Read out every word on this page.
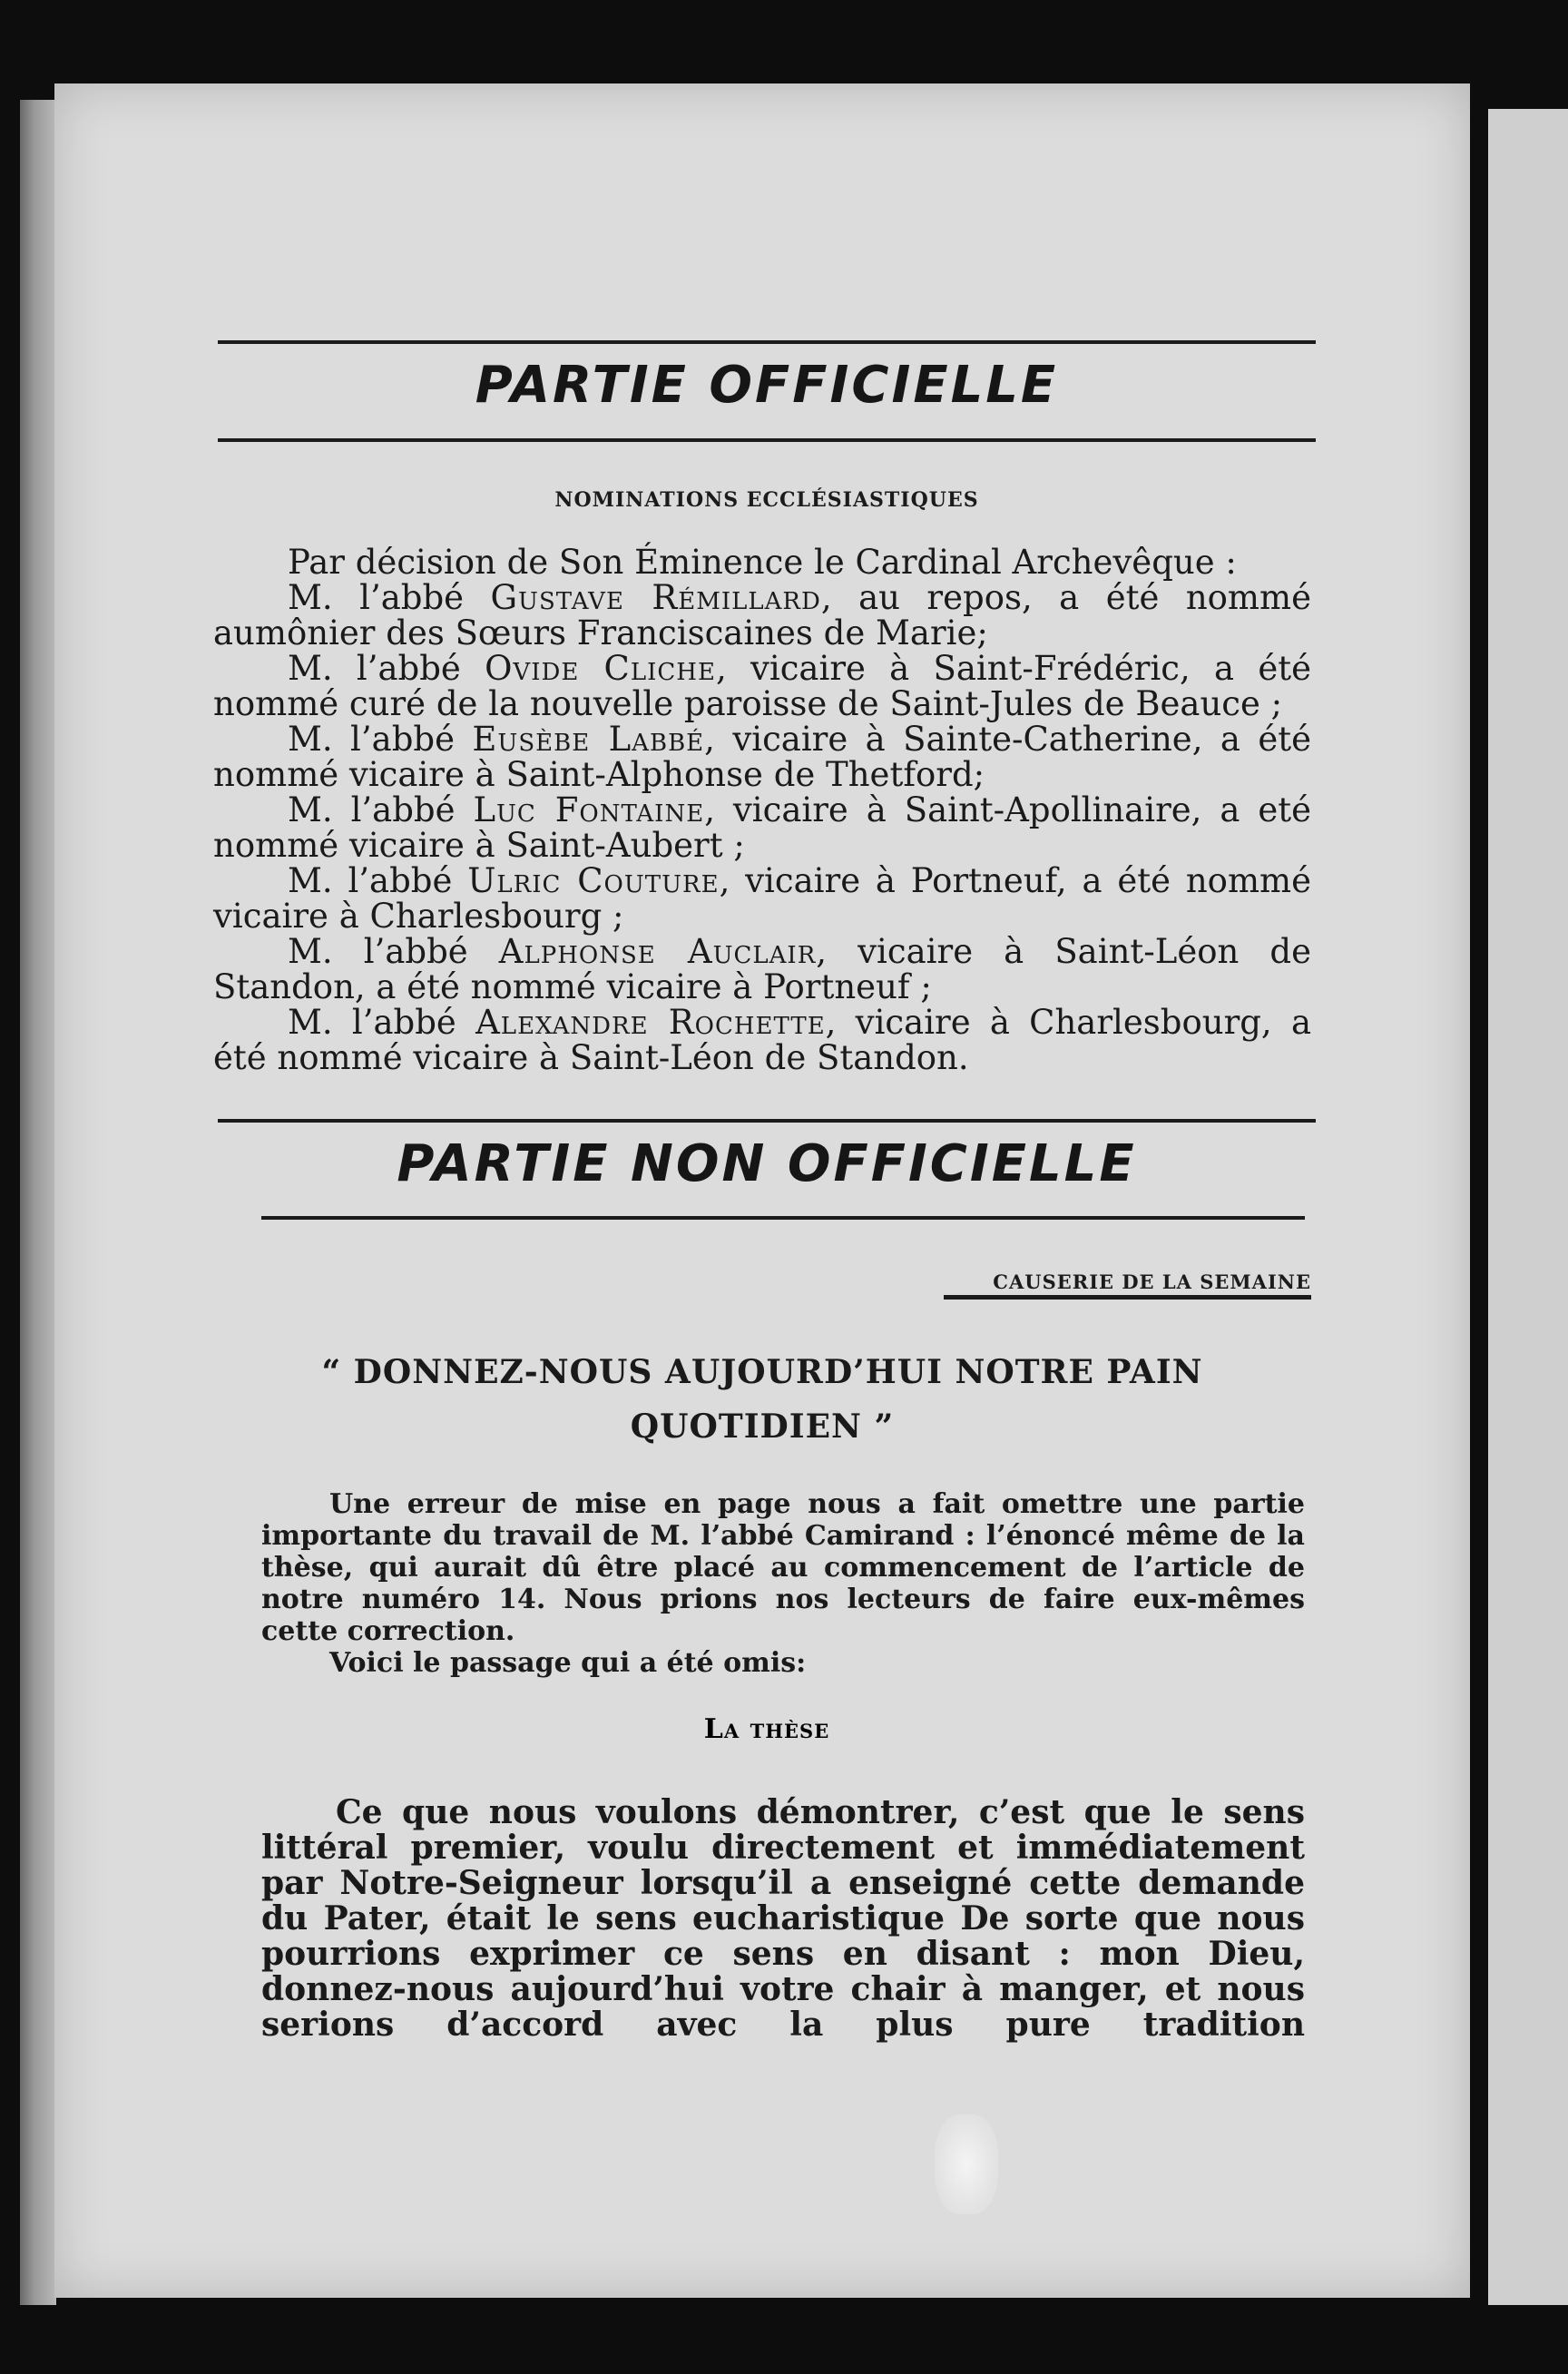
PARTIE OFFICIELLE
NOMINATIONS ECCLÉSIASTIQUES

Par décision de Son Éminence le Cardinal Archevêque :

M. l’abbé Gustave Rémillard, au repos, a été nommé aumônier des Sœurs Franciscaines de Marie;

M. l’abbé Ovide Cliche, vicaire à Saint-Frédéric, a été nommé curé de la nouvelle paroisse de Saint-Jules de Beauce ;

M. l’abbé Eusèbe Labbé, vicaire à Sainte-Catherine, a été nommé vicaire à Saint-Alphonse de Thetford;

M. l’abbé Luc Fontaine, vicaire à Saint-Apollinaire, a eté nommé vicaire à Saint-Aubert ;

M. l’abbé Ulric Couture, vicaire à Portneuf, a été nommé vicaire à Charlesbourg ;

M. l’abbé Alphonse Auclair, vicaire à Saint-Léon de Standon, a été nommé vicaire à Portneuf ;

M. l’abbé Alexandre Rochette, vicaire à Charlesbourg, a été nommé vicaire à Saint-Léon de Standon.

PARTIE NON OFFICIELLE
CAUSERIE DE LA SEMAINE
“ DONNEZ-NOUS AUJOURD’HUI NOTRE PAIN
QUOTIDIEN ”

Une erreur de mise en page nous a fait omettre une partie importante du travail de M. l’abbé Camirand : l’énoncé même de la thèse, qui aurait dû être placé au commencement de l’article de notre numéro 14. Nous prions nos lecteurs de faire eux-mêmes cette correction.

Voici le passage qui a été omis:

La thèse

Ce que nous voulons démontrer, c’est que le sens littéral premier, voulu directement et immédiatement par Notre-Seigneur lorsqu’il a enseigné cette demande du Pater, était le sens eucharistique De sorte que nous pourrions exprimer ce sens en disant : mon Dieu, donnez-nous aujourd’hui votre chair à manger, et nous serions d’accord avec la plus pure tradition
